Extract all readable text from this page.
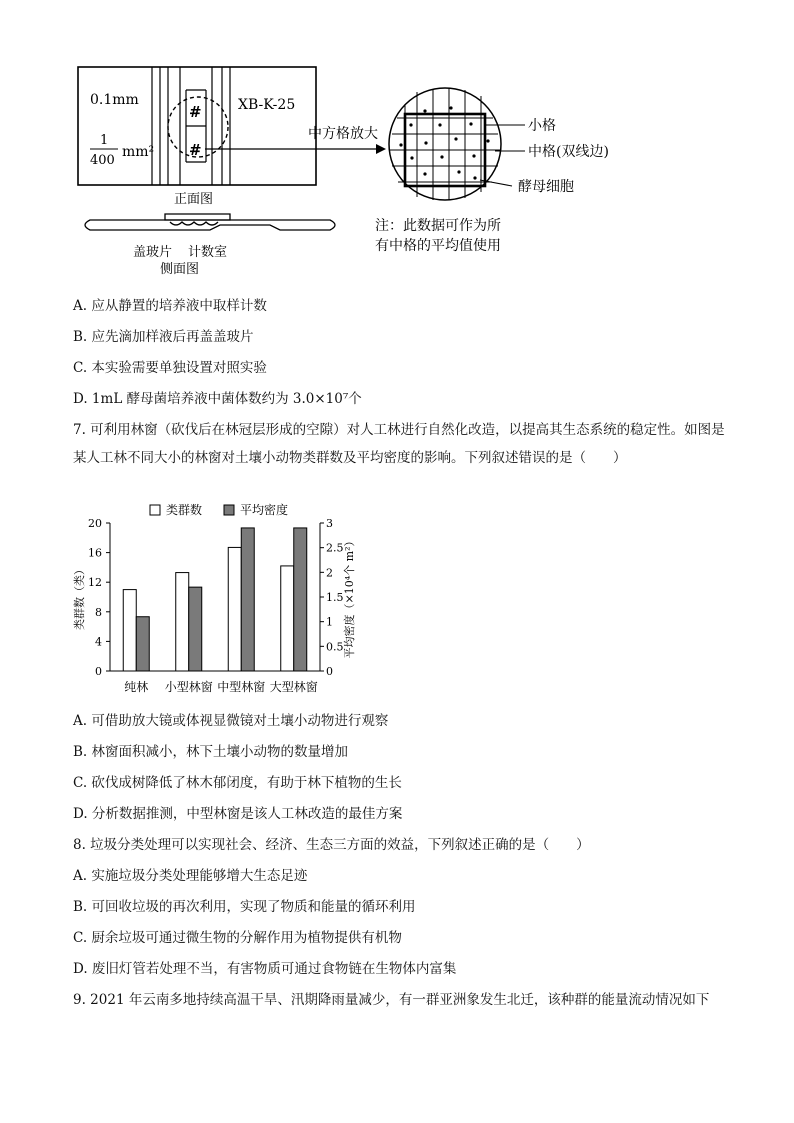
#
#
0.1mm
1
400
mm²
XB-K-25
正面图
盖玻片 计数室
侧面图
中方格放大	小格
中格(双线边)
酵母细胞
注：此数据可作为所
有中格的平均值使用
A. 应从静置的培养液中取样计数
B. 应先滴加样液后再盖盖玻片
C. 本实验需要单独设置对照实验
D. 1mL 酵母菌培养液中菌体数约为 3.0×10⁷个
7. 可利用林窗（砍伐后在林冠层形成的空隙）对人工林进行自然化改造，以提高其生态系统的稳定性。如图是某人工林不同大小的林窗对土壤小动物类群数及平均密度的影响。下列叙述错误的是（　　）
0
4
8
12
16
20
0
0.5
1
1.5
2
2.5
3
类群数（类）	平均密度（×10⁴个 m²）
纯林 小型林窗 中型林窗 大型林窗
类群数	平均密度
A. 可借助放大镜或体视显微镜对土壤小动物进行观察
B. 林窗面积减小，林下土壤小动物的数量增加
C. 砍伐成树降低了林木郁闭度，有助于林下植物的生长
D. 分析数据推测，中型林窗是该人工林改造的最佳方案
8. 垃圾分类处理可以实现社会、经济、生态三方面的效益，下列叙述正确的是（　　）
A. 实施垃圾分类处理能够增大生态足迹
B. 可回收垃圾的再次利用，实现了物质和能量的循环利用
C. 厨余垃圾可通过微生物的分解作用为植物提供有机物
D. 废旧灯管若处理不当，有害物质可通过食物链在生物体内富集
9. 2021 年云南多地持续高温干旱、汛期降雨量减少，有一群亚洲象发生北迁，该种群的能量流动情况如下
